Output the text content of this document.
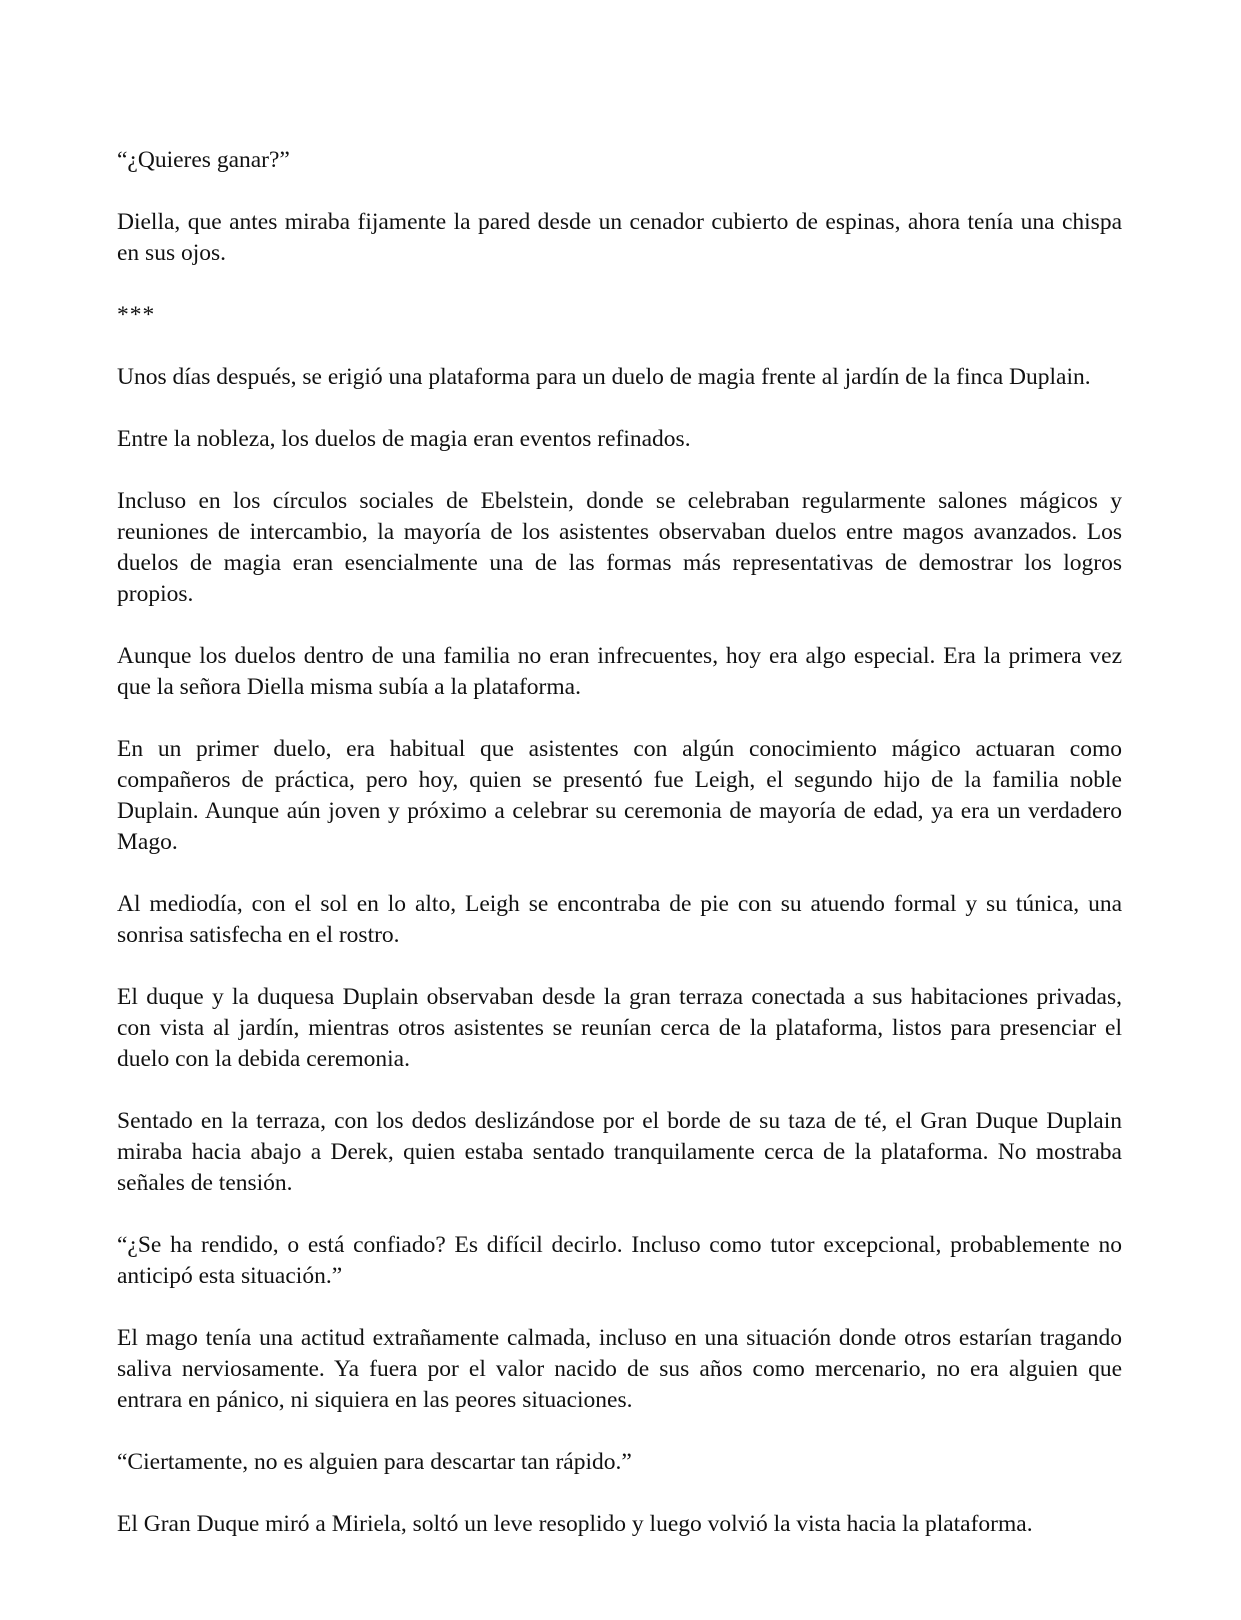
“¿Quieres ganar?”

Diella, que antes miraba fijamente la pared desde un cenador cubierto de espinas, ahora tenía una chispa en sus ojos.

***

Unos días después, se erigió una plataforma para un duelo de magia frente al jardín de la finca Duplain.

Entre la nobleza, los duelos de magia eran eventos refinados.

Incluso en los círculos sociales de Ebelstein, donde se celebraban regularmente salones mágicos y reuniones de intercambio, la mayoría de los asistentes observaban duelos entre magos avanzados. Los duelos de magia eran esencialmente una de las formas más representativas de demostrar los logros propios.

Aunque los duelos dentro de una familia no eran infrecuentes, hoy era algo especial. Era la primera vez que la señora Diella misma subía a la plataforma.

En un primer duelo, era habitual que asistentes con algún conocimiento mágico actuaran como compañeros de práctica, pero hoy, quien se presentó fue Leigh, el segundo hijo de la familia noble Duplain. Aunque aún joven y próximo a celebrar su ceremonia de mayoría de edad, ya era un verdadero Mago.

Al mediodía, con el sol en lo alto, Leigh se encontraba de pie con su atuendo formal y su túnica, una sonrisa satisfecha en el rostro.

El duque y la duquesa Duplain observaban desde la gran terraza conectada a sus habitaciones privadas, con vista al jardín, mientras otros asistentes se reunían cerca de la plataforma, listos para presenciar el duelo con la debida ceremonia.

Sentado en la terraza, con los dedos deslizándose por el borde de su taza de té, el Gran Duque Duplain miraba hacia abajo a Derek, quien estaba sentado tranquilamente cerca de la plataforma. No mostraba señales de tensión.

“¿Se ha rendido, o está confiado? Es difícil decirlo. Incluso como tutor excepcional, probablemente no anticipó esta situación.”

El mago tenía una actitud extrañamente calmada, incluso en una situación donde otros estarían tragando saliva nerviosamente. Ya fuera por el valor nacido de sus años como mercenario, no era alguien que entrara en pánico, ni siquiera en las peores situaciones.

“Ciertamente, no es alguien para descartar tan rápido.”

El Gran Duque miró a Miriela, soltó un leve resoplido y luego volvió la vista hacia la plataforma.
